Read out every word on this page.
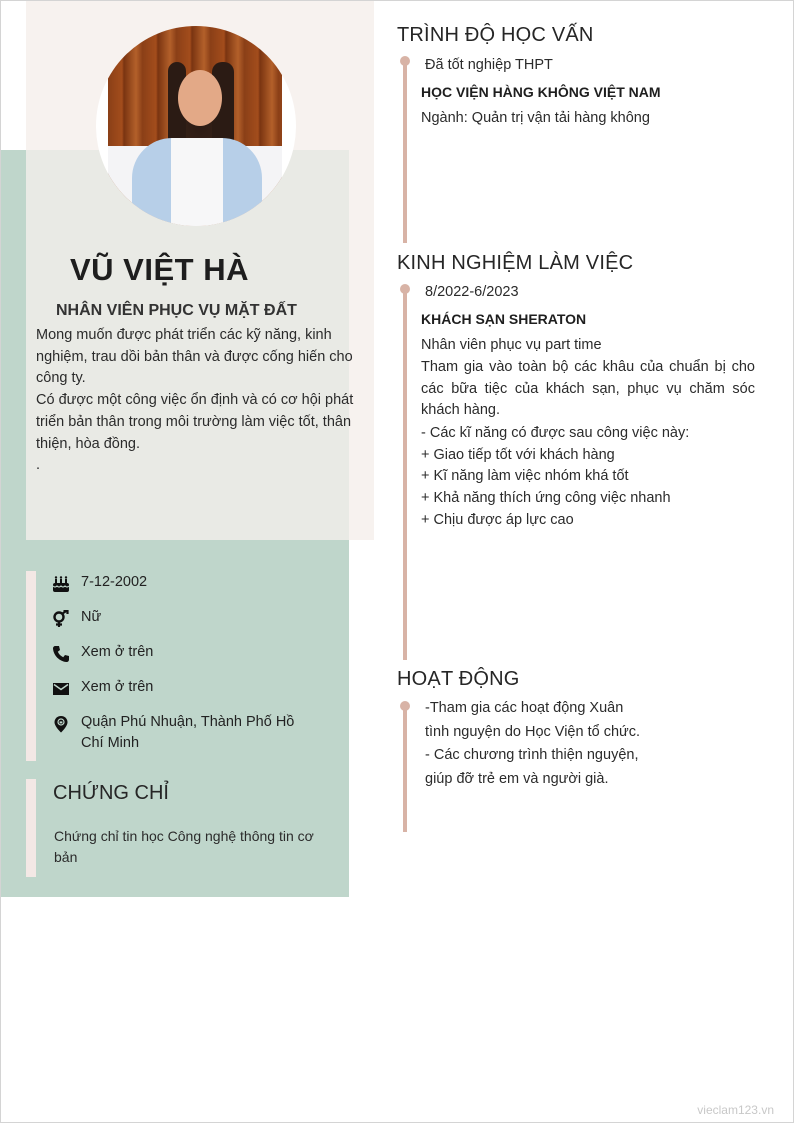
VŨ VIỆT HÀ
NHÂN VIÊN PHỤC VỤ MẶT ĐẤT

Mong muốn được phát triển các kỹ năng, kinh nghiệm, trau dồi bản thân và được cống hiến cho công ty.

Có được một công việc ổn định và có cơ hội phát triển bản thân trong môi trường làm việc tốt, thân thiện, hòa đồng.

.

7-12-2002
Nữ
Xem ở trên
Xem ở trên
Quận Phú Nhuận, Thành Phố Hồ Chí Minh
CHỨNG CHỈ
Chứng chỉ tin học Công nghệ thông tin cơ bản
TRÌNH ĐỘ HỌC VẤN
Đã tốt nghiệp THPT
HỌC VIỆN HÀNG KHÔNG VIỆT NAM
Ngành: Quản trị vận tải hàng không
KINH NGHIỆM LÀM VIỆC
8/2022-6/2023
KHÁCH SẠN SHERATON
Nhân viên phục vụ part time
Tham gia vào toàn bộ các khâu của chuẩn bị cho các bữa tiệc của khách sạn, phục vụ chăm sóc khách hàng.
- Các kĩ năng có được sau công việc này:
+ Giao tiếp tốt với khách hàng
+ Kĩ năng làm việc nhóm khá tốt
+ Khả năng thích ứng công việc nhanh
+ Chịu được áp lực cao
HOẠT ĐỘNG
-Tham gia các hoạt động Xuân
tình nguyện do Học Viện tổ chức.
- Các chương trình thiện nguyện,
giúp đỡ trẻ em và người già.
vieclam123.vn
